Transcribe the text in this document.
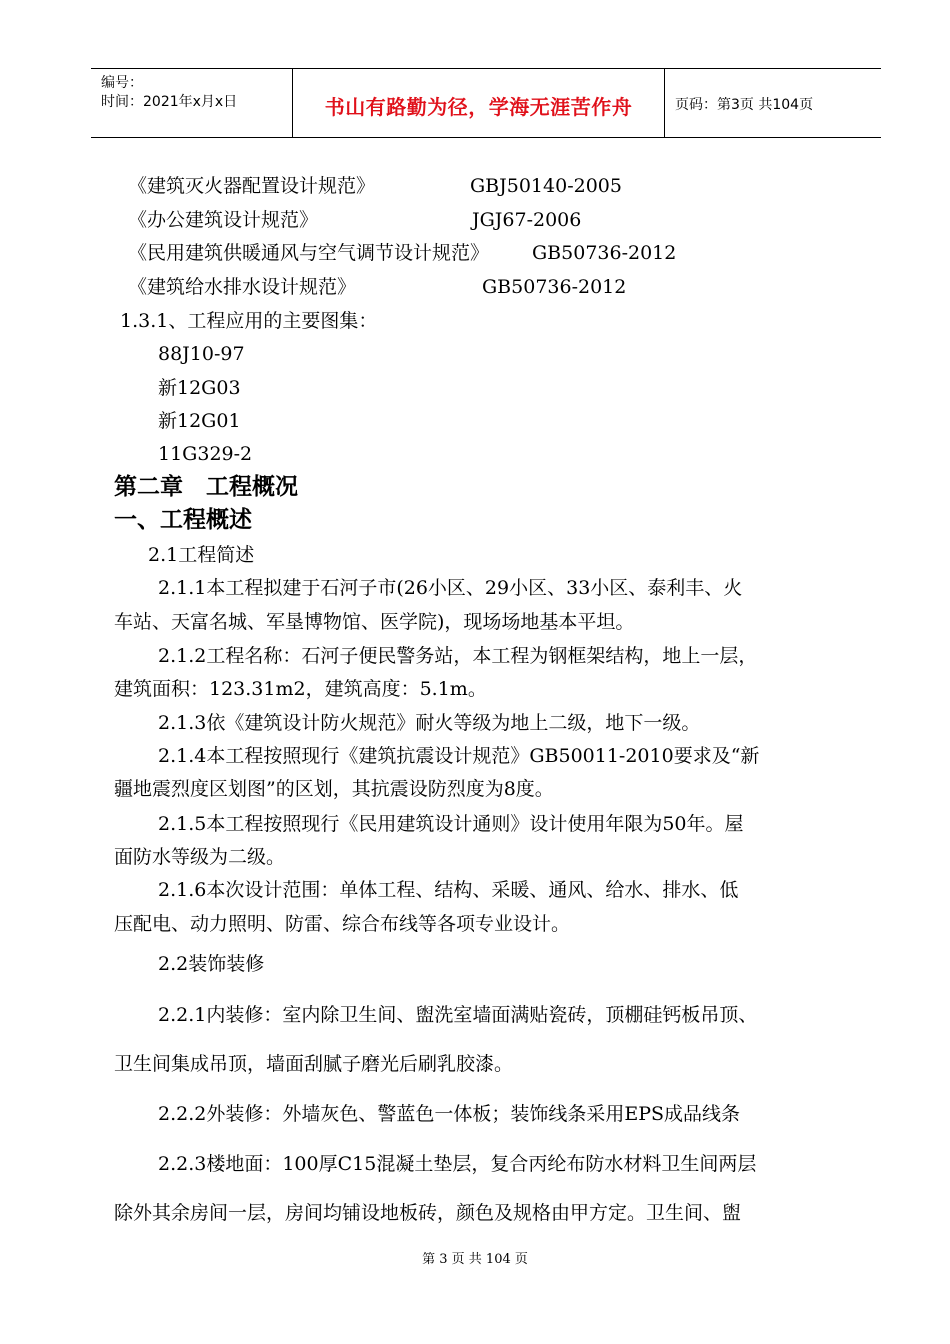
编号：
时间：2021年x月x日	书山有路勤为径，学海无涯苦作舟	页码：第3页 共104页
《建筑灭火器配置设计规范》	GBJ50140-2005
《办公建筑设计规范》	JGJ67-2006
《民用建筑供暖通风与空气调节设计规范》 GB50736-2012
《建筑给水排水设计规范》	GB50736-2012
1.3.1、工程应用的主要图集：
88J10-97
新12G03
新12G01
11G329-2
第二章　工程概况
一、工程概述
2.1工程简述
2.1.1本工程拟建于石河子市(26小区、29小区、33小区、泰利丰、火
车站、天富名城、军垦博物馆、医学院)，现场场地基本平坦。
2.1.2工程名称：石河子便民警务站，本工程为钢框架结构，地上一层，
建筑面积：123.31m2，建筑高度：5.1m。
2.1.3依《建筑设计防火规范》耐火等级为地上二级，地下一级。
2.1.4本工程按照现行《建筑抗震设计规范》GB50011-2010要求及“新
疆地震烈度区划图”的区划，其抗震设防烈度为8度。
2.1.5本工程按照现行《民用建筑设计通则》设计使用年限为50年。屋
面防水等级为二级。
2.1.6本次设计范围：单体工程、结构、采暖、通风、给水、排水、低
压配电、动力照明、防雷、综合布线等各项专业设计。
2.2装饰装修
2.2.1内装修：室内除卫生间、盥洗室墙面满贴瓷砖，顶棚硅钙板吊顶、
卫生间集成吊顶，墙面刮腻子磨光后刷乳胶漆。
2.2.2外装修：外墙灰色、警蓝色一体板；装饰线条采用EPS成品线条
2.2.3楼地面：100厚C15混凝土垫层，复合丙纶布防水材料卫生间两层
除外其余房间一层，房间均铺设地板砖，颜色及规格由甲方定。卫生间、盥
第 3 页 共 104 页
